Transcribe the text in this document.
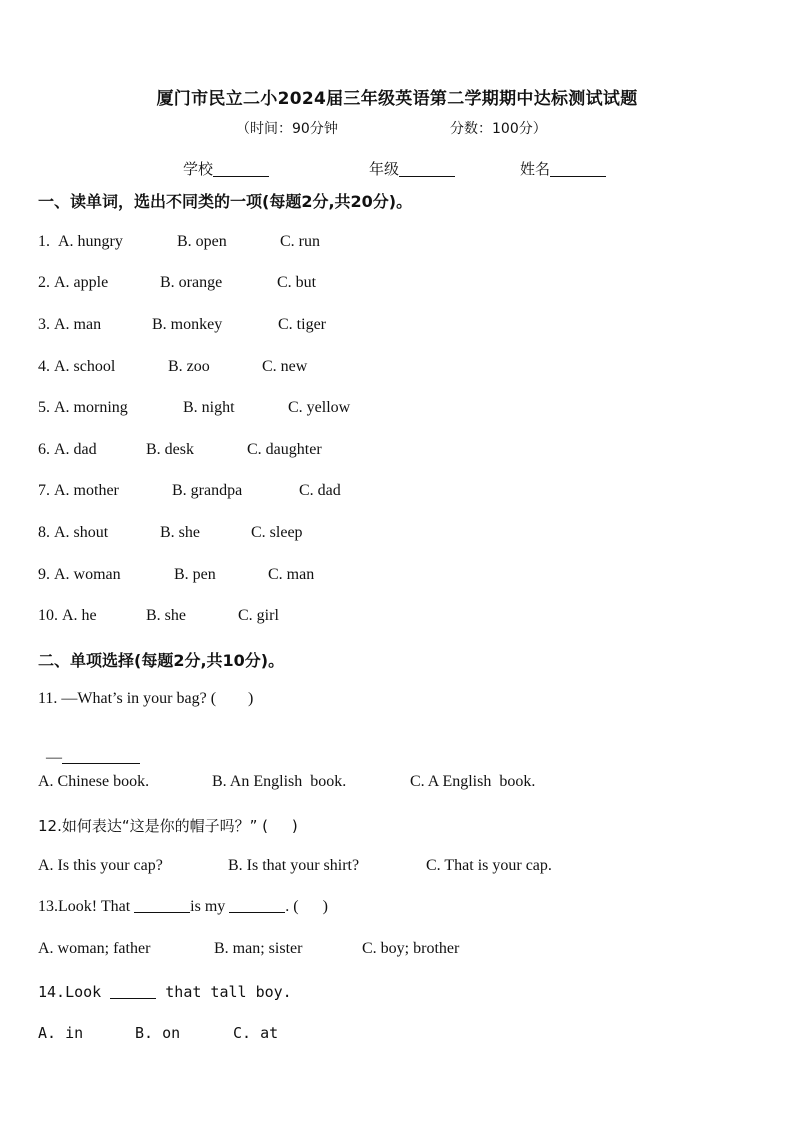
厦门市民立二小2024届三年级英语第二学期期中达标测试试题
（时间：90分钟	分数：100分）
学校	年级	姓名
一、读单词，选出不同类的一项(每题2分,共20分)。
1. A. hungry	B. open	C. run
2. A. apple	B. orange	C. but
3. A. man	B. monkey	C. tiger
4. A. school	B. zoo	C. new
5. A. morning	B. night	C. yellow
6. A. dad	B. desk	C. daughter
7. A. mother	B. grandpa	C. dad
8. A. shout	B. she	C. sleep
9. A. woman	B. pen	C. man
10. A. he	B. she	C. girl
二、单项选择(每题2分,共10分)。
11. —What’s in your bag? (        )

—

A. Chinese book.	B. An English  book.	C. A English  book.
12.如何表达“这是你的帽子吗？” (     )
A. Is this your cap?	B. Is that your shirt?	C. That is your cap.
13.Look! That	is my	. (      )
A. woman; father	B. man; sister	C. boy; brother
14.Look	that tall boy.
A. in	B. on	C. at
